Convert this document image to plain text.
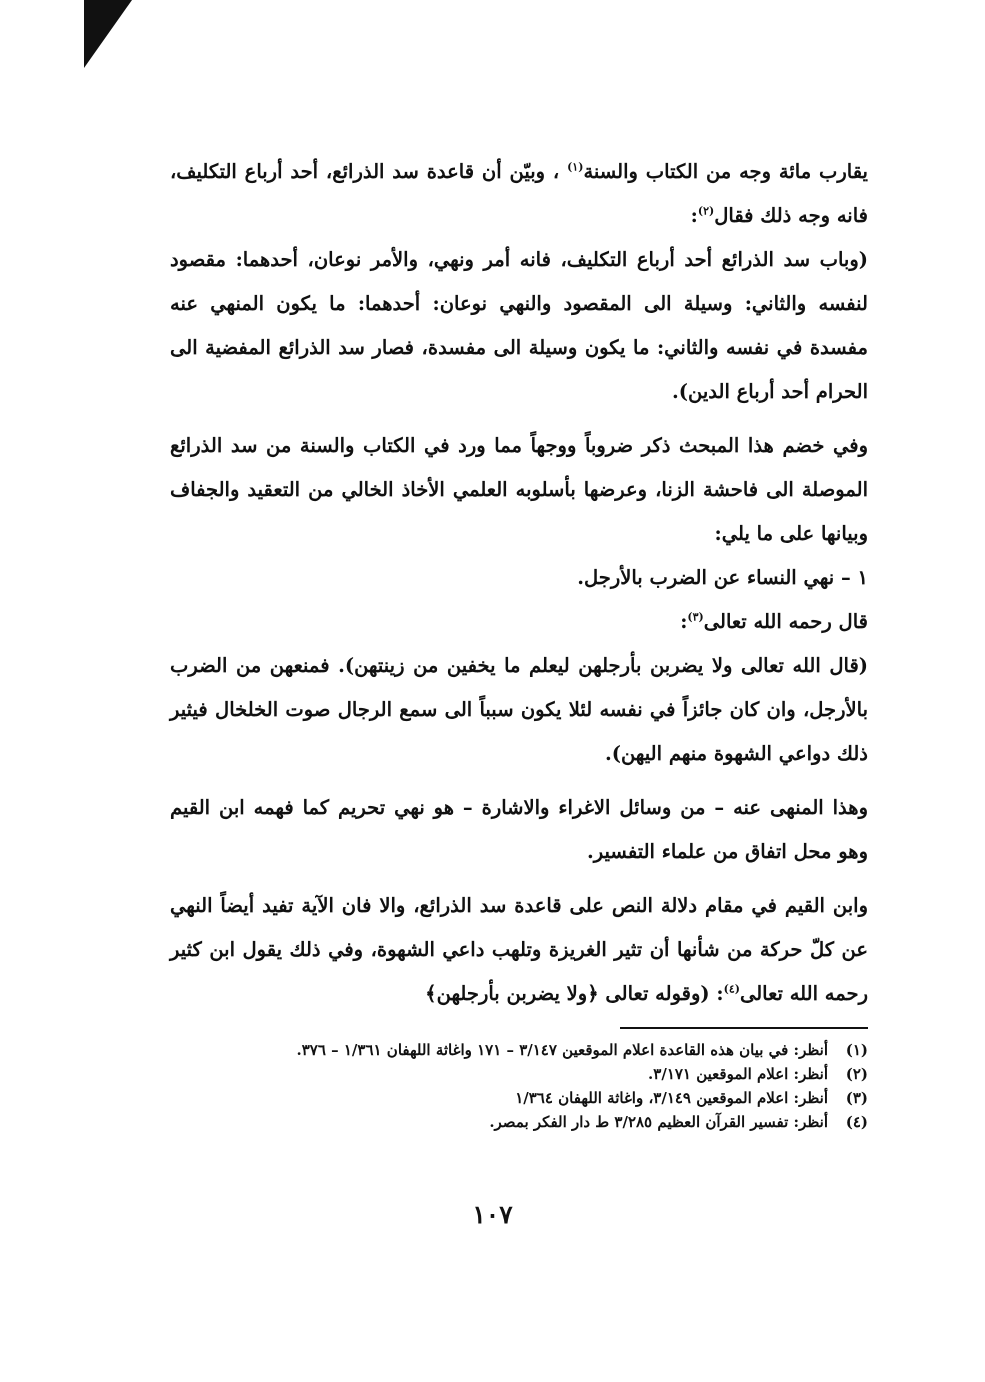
يقارب مائة وجه من الكتاب والسنة$^{(١)}$ ، وبيّن أن قاعدة سد الذرائع، أحد أرباع التكليف، فانه وجه ذلك فقال$^{(٢)}$:

(وباب سد الذرائع أحد أرباع التكليف، فانه أمر ونهي، والأمر نوعان، أحدهما: مقصود لنفسه والثاني: وسيلة الى المقصود والنهي نوعان: أحدهما: ما يكون المنهي عنه مفسدة في نفسه والثاني: ما يكون وسيلة الى مفسدة، فصار سد الذرائع المفضية الى الحرام أحد أرباع الدين).

وفي خضم هذا المبحث ذكر ضروباً ووجهاً مما ورد في الكتاب والسنة من سد الذرائع الموصلة الى فاحشة الزنا، وعرضها بأسلوبه العلمي الأخاذ الخالي من التعقيد والجفاف وبيانها على ما يلي:

١ – نهي النساء عن الضرب بالأرجل.

قال رحمه الله تعالى$^{(٣)}$:

(قال الله تعالى ولا يضربن بأرجلهن ليعلم ما يخفين من زينتهن). فمنعهن من الضرب بالأرجل، وان كان جائزاً في نفسه لئلا يكون سبباً الى سمع الرجال صوت الخلخال فيثير ذلك دواعي الشهوة منهم اليهن).

وهذا المنهى عنه – من وسائل الاغراء والاشارة – هو نهي تحريم كما فهمه ابن القيم وهو محل اتفاق من علماء التفسير.

وابن القيم في مقام دلالة النص على قاعدة سد الذرائع، والا فان الآية تفيد أيضاً النهي عن كلّ حركة من شأنها أن تثير الغريزة وتلهب داعي الشهوة، وفي ذلك يقول ابن كثير رحمه الله تعالى$^{(٤)}$: (وقوله تعالى ﴿ولا يضربن بأرجلهن﴾

(١)أنظر: في بيان هذه القاعدة اعلام الموقعين ٣/١٤٧ – ١٧١ واغاثة اللهفان ١/٣٦١ – ٣٧٦.

(٢)أنظر: اعلام الموقعين ٣/١٧١.

(٣)أنظر: اعلام الموقعين ٣/١٤٩، واغاثة اللهفان ١/٣٦٤

(٤)أنظر: تفسير القرآن العظيم ٣/٢٨٥ ط دار الفكر بمصر.

١٠٧
